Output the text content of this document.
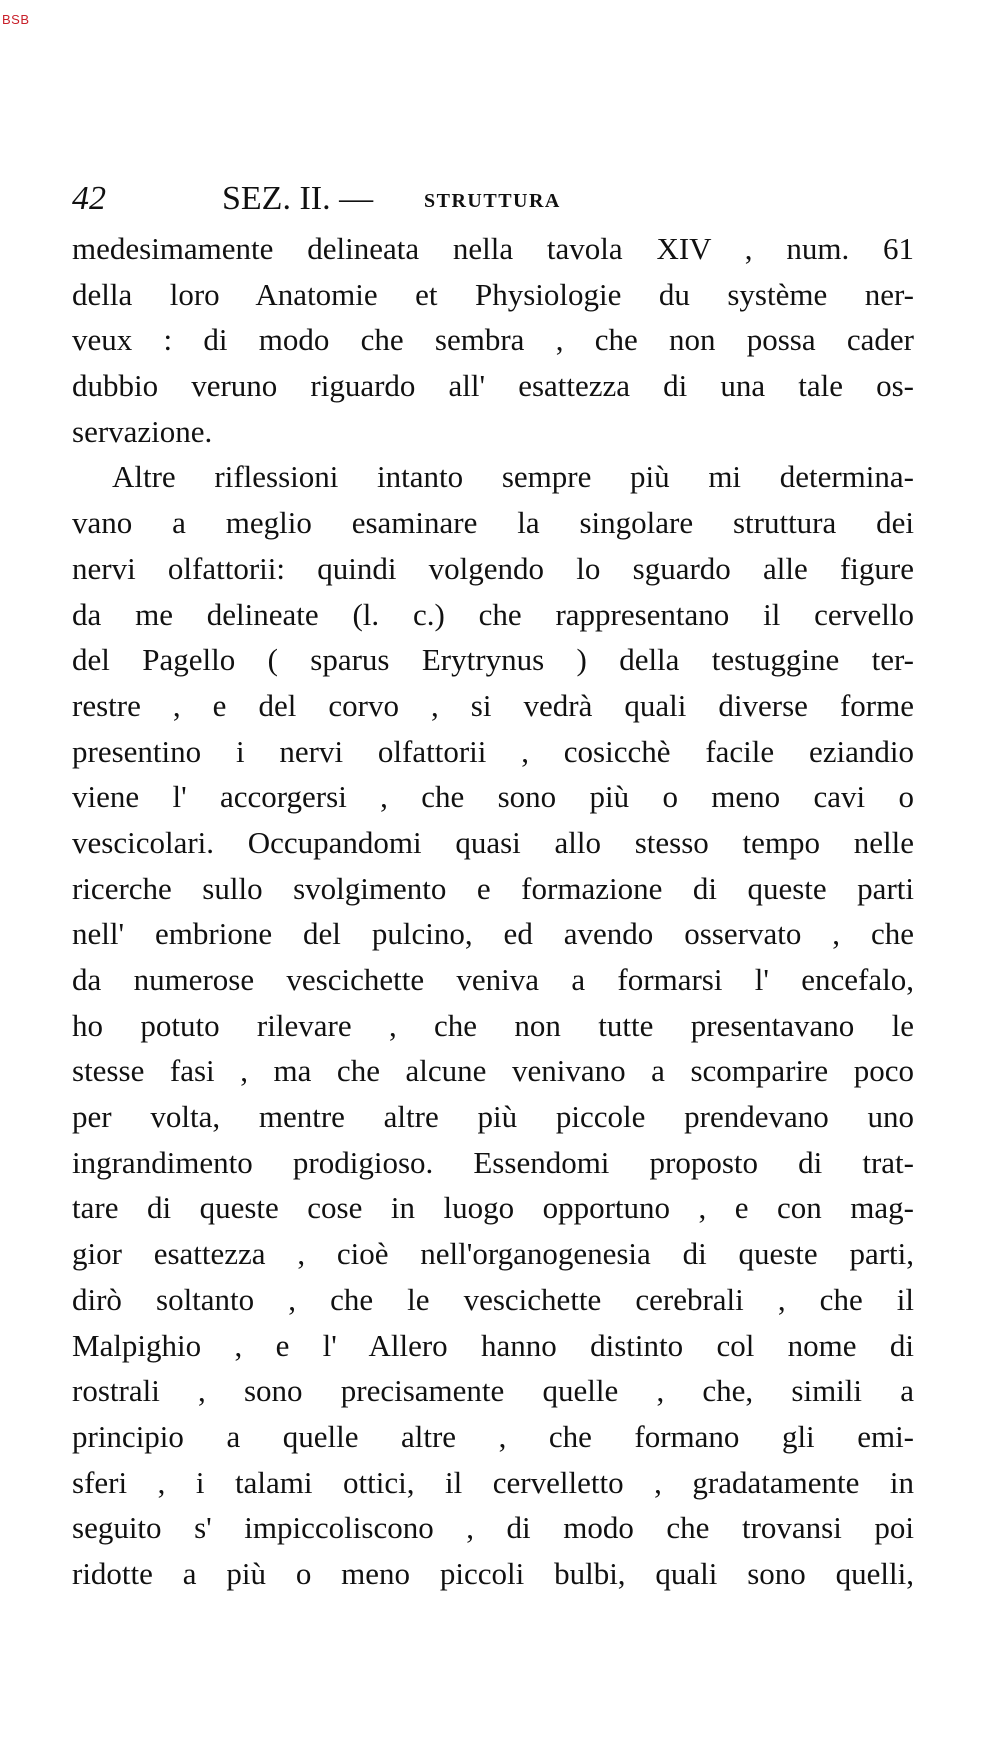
BSB
42	SEZ. II. —	STRUTTURA
medesimamente delineata nella tavola XIV , num. 61
della loro Anatomie et Physiologie du système ner-
veux : di modo che sembra , che non possa cader
dubbio veruno riguardo all' esattezza di una tale os-
servazione.
Altre riflessioni intanto sempre più mi determina-
vano a meglio esaminare la singolare struttura dei
nervi olfattorii: quindi volgendo lo sguardo alle figure
da me delineate (l. c.) che rappresentano il cervello
del Pagello ( sparus Erytrynus ) della testuggine ter-
restre , e del corvo , si vedrà quali diverse forme
presentino i nervi olfattorii , cosicchè facile eziandio
viene l' accorgersi , che sono più o meno cavi o
vescicolari. Occupandomi quasi allo stesso tempo nelle
ricerche sullo svolgimento e formazione di queste parti
nell' embrione del pulcino, ed avendo osservato , che
da numerose vescichette veniva a formarsi l' encefalo,
ho potuto rilevare , che non tutte presentavano le
stesse fasi , ma che alcune venivano a scomparire poco
per volta, mentre altre più piccole prendevano uno
ingrandimento prodigioso. Essendomi proposto di trat-
tare di queste cose in luogo opportuno , e con mag-
gior esattezza , cioè nell'organogenesia di queste parti,
dirò soltanto , che le vescichette cerebrali , che il
Malpighio , e l' Allero hanno distinto col nome di
rostrali , sono precisamente quelle , che, simili a
principio a quelle altre , che formano gli emi-
sferi , i talami ottici, il cervelletto , gradatamente in
seguito s' impiccoliscono , di modo che trovansi poi
ridotte a più o meno piccoli bulbi, quali sono quelli,
